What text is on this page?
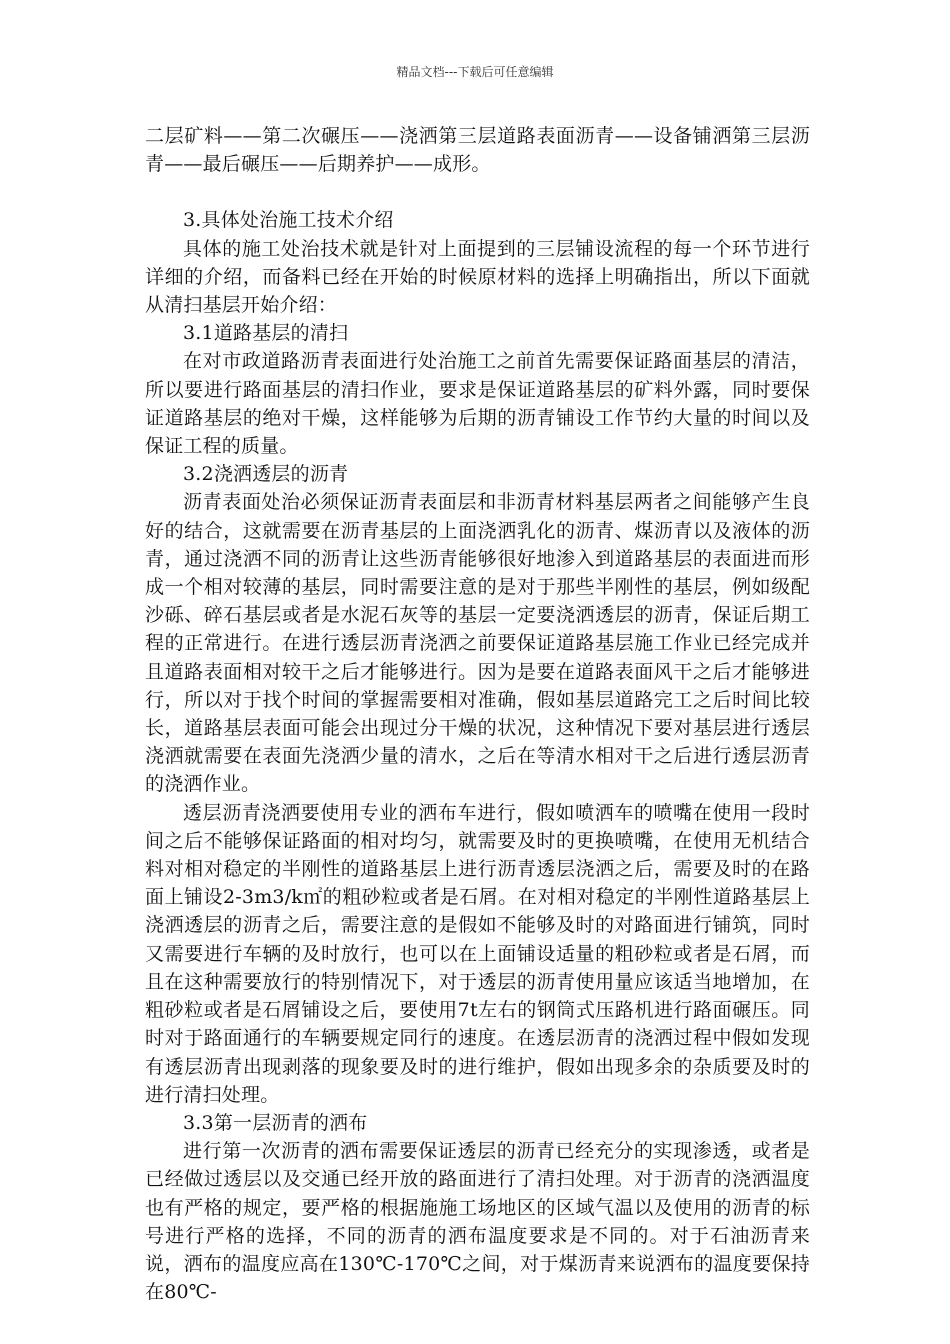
精品文档---下载后可任意编辑

二层矿料——第二次碾压——浇洒第三层道路表面沥青——设备铺洒第三层沥青——最后碾压——后期养护——成形。

3.具体处治施工技术介绍

具体的施工处治技术就是针对上面提到的三层铺设流程的每一个环节进行详细的介绍，而备料已经在开始的时候原材料的选择上明确指出，所以下面就从清扫基层开始介绍：

3.1道路基层的清扫

在对市政道路沥青表面进行处治施工之前首先需要保证路面基层的清洁，所以要进行路面基层的清扫作业，要求是保证道路基层的矿料外露，同时要保证道路基层的绝对干燥，这样能够为后期的沥青铺设工作节约大量的时间以及保证工程的质量。

3.2浇洒透层的沥青

沥青表面处治必须保证沥青表面层和非沥青材料基层两者之间能够产生良好的结合，这就需要在沥青基层的上面浇洒乳化的沥青、煤沥青以及液体的沥青，通过浇洒不同的沥青让这些沥青能够很好地渗入到道路基层的表面进而形成一个相对较薄的基层，同时需要注意的是对于那些半刚性的基层，例如级配沙砾、碎石基层或者是水泥石灰等的基层一定要浇洒透层的沥青，保证后期工程的正常进行。在进行透层沥青浇洒之前要保证道路基层施工作业已经完成并且道路表面相对较干之后才能够进行。因为是要在道路表面风干之后才能够进行，所以对于找个时间的掌握需要相对准确，假如基层道路完工之后时间比较长，道路基层表面可能会出现过分干燥的状况，这种情况下要对基层进行透层浇洒就需要在表面先浇洒少量的清水，之后在等清水相对干之后进行透层沥青的浇洒作业。

透层沥青浇洒要使用专业的洒布车进行，假如喷洒车的喷嘴在使用一段时间之后不能够保证路面的相对均匀，就需要及时的更换喷嘴，在使用无机结合料对相对稳定的半刚性的道路基层上进行沥青透层浇洒之后，需要及时的在路面上铺设2-3m3/k㎡的粗砂粒或者是石屑。在对相对稳定的半刚性道路基层上浇洒透层的沥青之后，需要注意的是假如不能够及时的对路面进行铺筑，同时又需要进行车辆的及时放行，也可以在上面铺设适量的粗砂粒或者是石屑，而且在这种需要放行的特别情况下，对于透层的沥青使用量应该适当地增加，在粗砂粒或者是石屑铺设之后，要使用7t左右的钢筒式压路机进行路面碾压。同时对于路面通行的车辆要规定同行的速度。在透层沥青的浇洒过程中假如发现有透层沥青出现剥落的现象要及时的进行维护，假如出现多余的杂质要及时的进行清扫处理。

3.3第一层沥青的洒布

进行第一次沥青的洒布需要保证透层的沥青已经充分的实现渗透，或者是已经做过透层以及交通已经开放的路面进行了清扫处理。对于沥青的浇洒温度也有严格的规定，要严格的根据施施工场地区的区域气温以及使用的沥青的标号进行严格的选择，不同的沥青的洒布温度要求是不同的。对于石油沥青来说，洒布的温度应高在130℃-170℃之间，对于煤沥青来说洒布的温度要保持在80℃-
